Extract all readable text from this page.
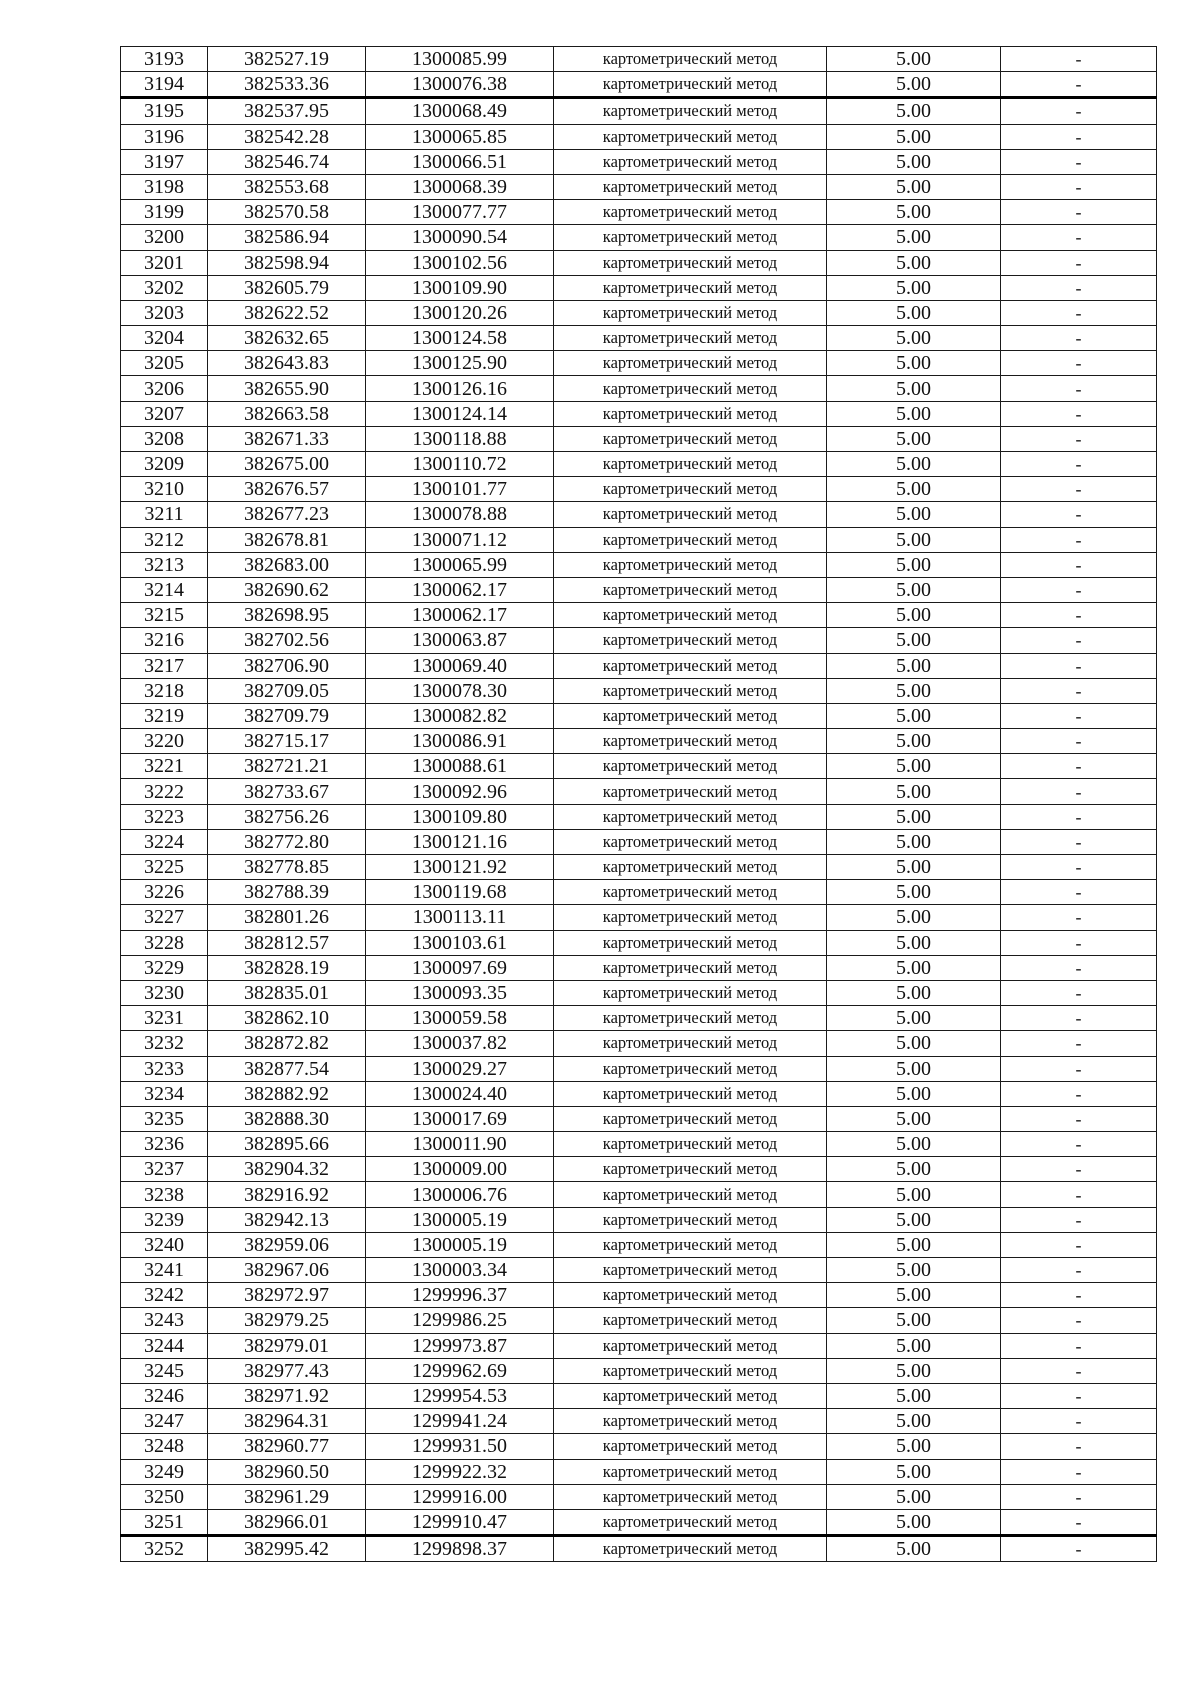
3193	382527.19	1300085.99	картометрический метод	5.00	-
3194	382533.36	1300076.38	картометрический метод	5.00	-
3195	382537.95	1300068.49	картометрический метод	5.00	-
3196	382542.28	1300065.85	картометрический метод	5.00	-
3197	382546.74	1300066.51	картометрический метод	5.00	-
3198	382553.68	1300068.39	картометрический метод	5.00	-
3199	382570.58	1300077.77	картометрический метод	5.00	-
3200	382586.94	1300090.54	картометрический метод	5.00	-
3201	382598.94	1300102.56	картометрический метод	5.00	-
3202	382605.79	1300109.90	картометрический метод	5.00	-
3203	382622.52	1300120.26	картометрический метод	5.00	-
3204	382632.65	1300124.58	картометрический метод	5.00	-
3205	382643.83	1300125.90	картометрический метод	5.00	-
3206	382655.90	1300126.16	картометрический метод	5.00	-
3207	382663.58	1300124.14	картометрический метод	5.00	-
3208	382671.33	1300118.88	картометрический метод	5.00	-
3209	382675.00	1300110.72	картометрический метод	5.00	-
3210	382676.57	1300101.77	картометрический метод	5.00	-
3211	382677.23	1300078.88	картометрический метод	5.00	-
3212	382678.81	1300071.12	картометрический метод	5.00	-
3213	382683.00	1300065.99	картометрический метод	5.00	-
3214	382690.62	1300062.17	картометрический метод	5.00	-
3215	382698.95	1300062.17	картометрический метод	5.00	-
3216	382702.56	1300063.87	картометрический метод	5.00	-
3217	382706.90	1300069.40	картометрический метод	5.00	-
3218	382709.05	1300078.30	картометрический метод	5.00	-
3219	382709.79	1300082.82	картометрический метод	5.00	-
3220	382715.17	1300086.91	картометрический метод	5.00	-
3221	382721.21	1300088.61	картометрический метод	5.00	-
3222	382733.67	1300092.96	картометрический метод	5.00	-
3223	382756.26	1300109.80	картометрический метод	5.00	-
3224	382772.80	1300121.16	картометрический метод	5.00	-
3225	382778.85	1300121.92	картометрический метод	5.00	-
3226	382788.39	1300119.68	картометрический метод	5.00	-
3227	382801.26	1300113.11	картометрический метод	5.00	-
3228	382812.57	1300103.61	картометрический метод	5.00	-
3229	382828.19	1300097.69	картометрический метод	5.00	-
3230	382835.01	1300093.35	картометрический метод	5.00	-
3231	382862.10	1300059.58	картометрический метод	5.00	-
3232	382872.82	1300037.82	картометрический метод	5.00	-
3233	382877.54	1300029.27	картометрический метод	5.00	-
3234	382882.92	1300024.40	картометрический метод	5.00	-
3235	382888.30	1300017.69	картометрический метод	5.00	-
3236	382895.66	1300011.90	картометрический метод	5.00	-
3237	382904.32	1300009.00	картометрический метод	5.00	-
3238	382916.92	1300006.76	картометрический метод	5.00	-
3239	382942.13	1300005.19	картометрический метод	5.00	-
3240	382959.06	1300005.19	картометрический метод	5.00	-
3241	382967.06	1300003.34	картометрический метод	5.00	-
3242	382972.97	1299996.37	картометрический метод	5.00	-
3243	382979.25	1299986.25	картометрический метод	5.00	-
3244	382979.01	1299973.87	картометрический метод	5.00	-
3245	382977.43	1299962.69	картометрический метод	5.00	-
3246	382971.92	1299954.53	картометрический метод	5.00	-
3247	382964.31	1299941.24	картометрический метод	5.00	-
3248	382960.77	1299931.50	картометрический метод	5.00	-
3249	382960.50	1299922.32	картометрический метод	5.00	-
3250	382961.29	1299916.00	картометрический метод	5.00	-
3251	382966.01	1299910.47	картометрический метод	5.00	-
3252	382995.42	1299898.37	картометрический метод	5.00	-
